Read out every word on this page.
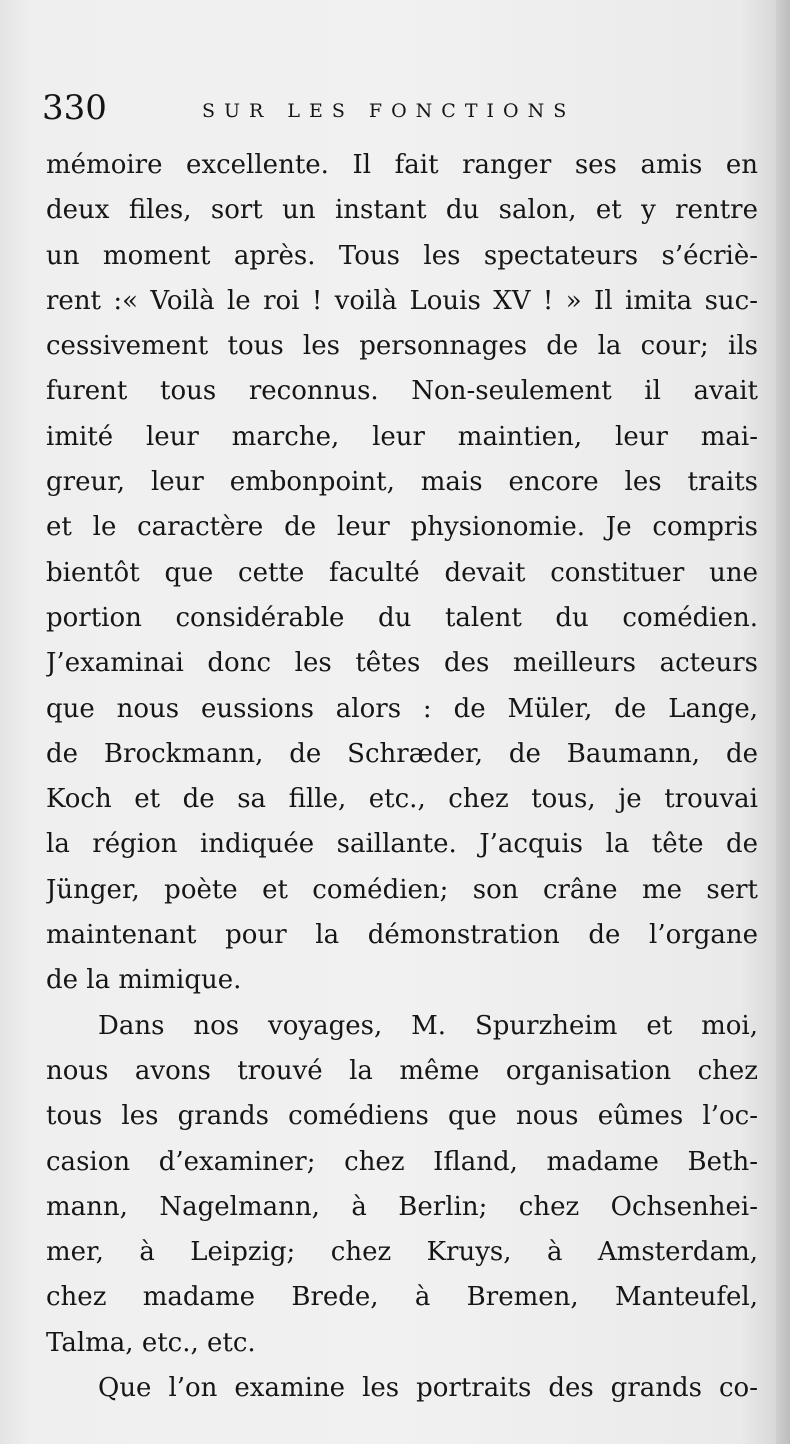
330	SUR LES FONCTIONS
mémoire excellente. Il fait ranger ses amis en
deux files, sort un instant du salon, et y rentre
un moment après. Tous les spectateurs s’écriè-
rent :« Voilà le roi ! voilà Louis XV ! » Il imita suc-
cessivement tous les personnages de la cour; ils
furent tous reconnus. Non-seulement il avait
imité leur marche, leur maintien, leur mai-
greur, leur embonpoint, mais encore les traits
et le caractère de leur physionomie. Je compris
bientôt que cette faculté devait constituer une
portion considérable du talent du comédien.
J’examinai donc les têtes des meilleurs acteurs
que nous eussions alors : de Müler, de Lange,
de Brockmann, de Schræder, de Baumann, de
Koch et de sa fille, etc., chez tous, je trouvai
la région indiquée saillante. J’acquis la tête de
Jünger, poète et comédien; son crâne me sert
maintenant pour la démonstration de l’organe
de la mimique.
Dans nos voyages, M. Spurzheim et moi,
nous avons trouvé la même organisation chez
tous les grands comédiens que nous eûmes l’oc-
casion d’examiner; chez Ifland, madame Beth-
mann, Nagelmann, à Berlin; chez Ochsenhei-
mer, à Leipzig; chez Kruys, à Amsterdam,
chez madame Brede, à Bremen, Manteufel,
Talma, etc., etc.
Que l’on examine les portraits des grands co-
